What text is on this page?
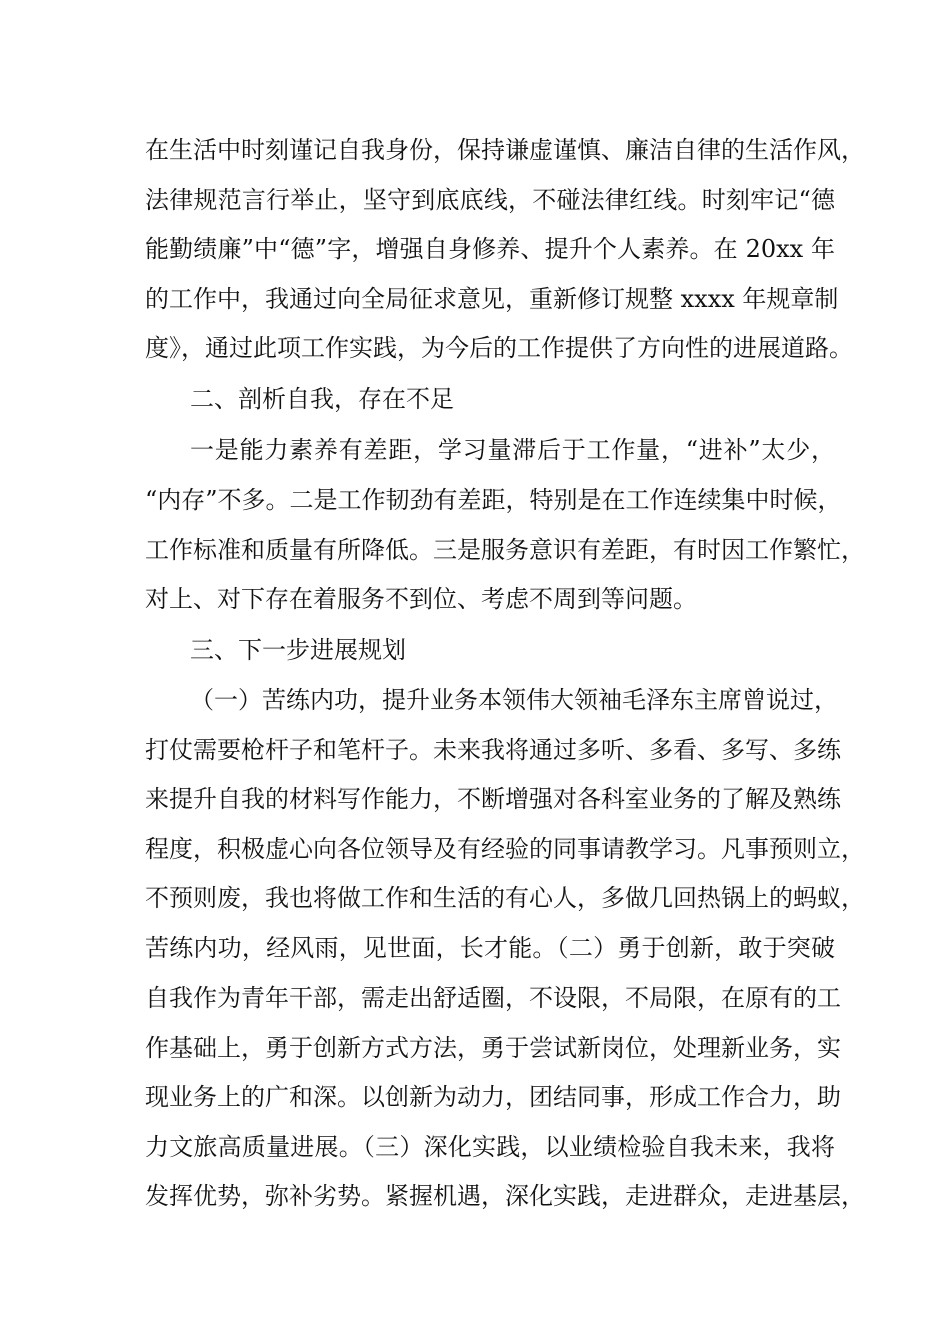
在生活中时刻谨记自我身份，保持谦虚谨慎、廉洁自律的生活作风，
法律规范言行举止，坚守到底底线，不碰法律红线。时刻牢记“德
能勤绩廉”中“德”字，增强自身修养、提升个人素养。在 20xx 年
的工作中，我通过向全局征求意见，重新修订规整 xxxx 年规章制
度》，通过此项工作实践，为今后的工作提供了方向性的进展道路。
二、剖析自我，存在不足
一是能力素养有差距，学习量滞后于工作量，“进补”太少，
“内存”不多。二是工作韧劲有差距，特别是在工作连续集中时候，
工作标准和质量有所降低。三是服务意识有差距，有时因工作繁忙，
对上、对下存在着服务不到位、考虑不周到等问题。
三、下一步进展规划
（一）苦练内功，提升业务本领伟大领袖毛泽东主席曾说过，
打仗需要枪杆子和笔杆子。未来我将通过多听、多看、多写、多练
来提升自我的材料写作能力，不断增强对各科室业务的了解及熟练
程度，积极虚心向各位领导及有经验的同事请教学习。凡事预则立，
不预则废，我也将做工作和生活的有心人，多做几回热锅上的蚂蚁，
苦练内功，经风雨，见世面，长才能。（二）勇于创新，敢于突破
自我作为青年干部，需走出舒适圈，不设限，不局限，在原有的工
作基础上，勇于创新方式方法，勇于尝试新岗位，处理新业务，实
现业务上的广和深。以创新为动力，团结同事，形成工作合力，助
力文旅高质量进展。（三）深化实践，以业绩检验自我未来，我将
发挥优势，弥补劣势。紧握机遇，深化实践，走进群众，走进基层，
